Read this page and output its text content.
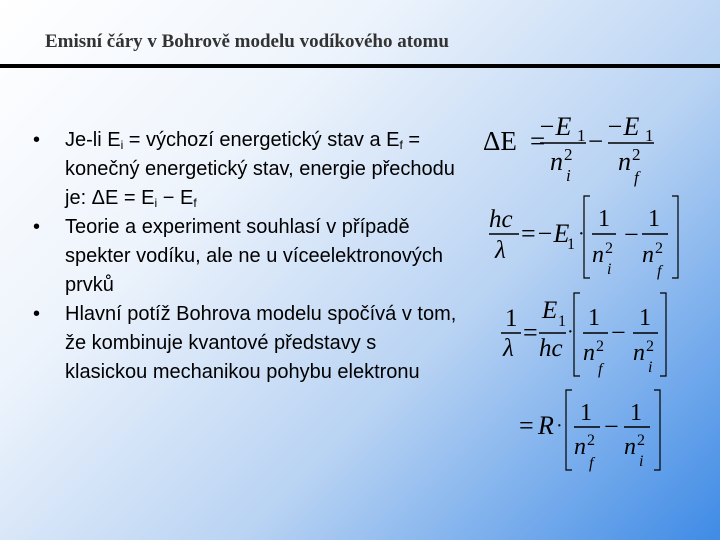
Emisní čáry v Bohrově modelu vodíkového atomu
• Je-li $E_i$ = výchozí energetický stav a $E_f$ = konečný energetický stav, energie přechodu je: $\Delta E = E_i - E_f$
• Teorie a experiment souhlasí v případě spekter vodíku, ale ne u víceelektronových prvků
• Hlavní potíž Bohrova modelu spočívá v tom, že kombinuje kvantové představy s klasickou mechanikou pohybu elektronu
ΔE =
−E 1
n 2
i
− −E 1
n 2
f
hc
λ
= −E
1 ·
1
n 2
i
−
1
n 2
f
1
λ
=
E 1
hc
·
1
n 2
f
− 1
n 2
i
= R · 1
n 2
f
− 1
n 2
i
